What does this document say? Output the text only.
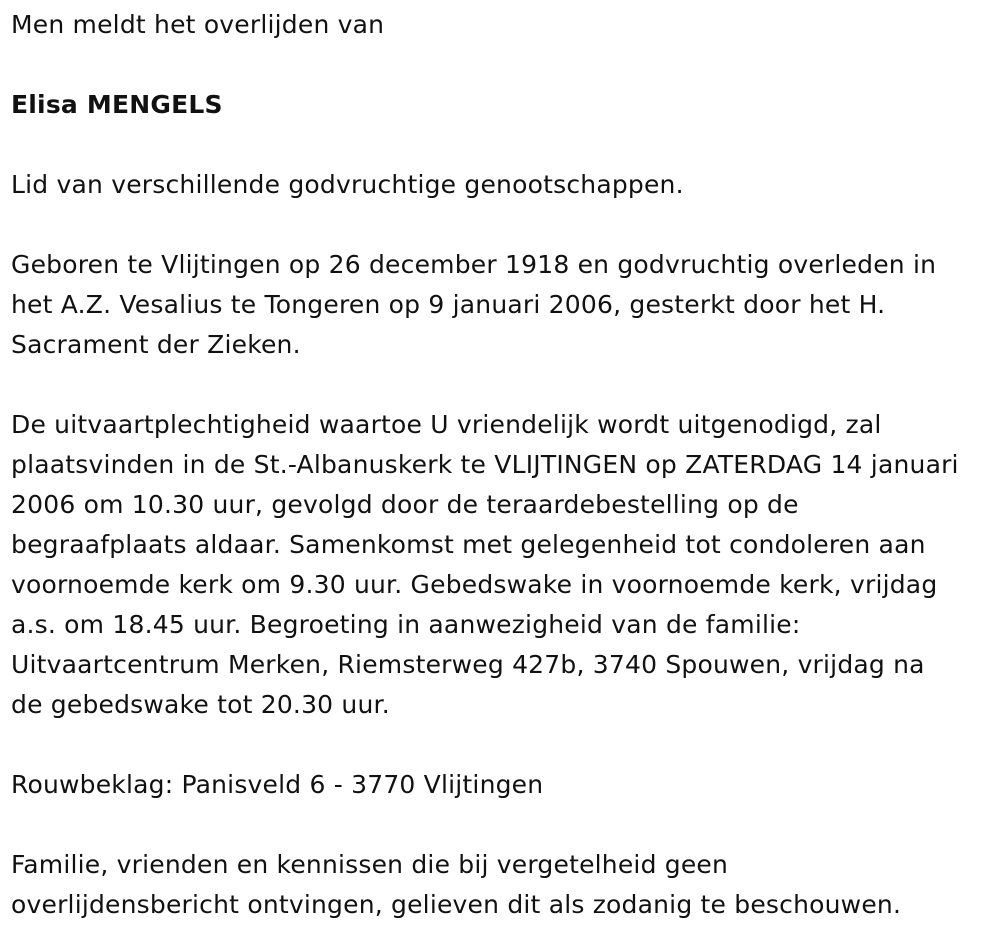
Men meldt het overlijden van

Elisa MENGELS

Lid van verschillende godvruchtige genootschappen.

Geboren te Vlijtingen op 26 december 1918 en godvruchtig overleden in
het A.Z. Vesalius te Tongeren op 9 januari 2006, gesterkt door het H.
Sacrament der Zieken.

De uitvaartplechtigheid waartoe U vriendelijk wordt uitgenodigd, zal
plaatsvinden in de St.-Albanuskerk te VLIJTINGEN op ZATERDAG 14 januari
2006 om 10.30 uur, gevolgd door de teraardebestelling op de
begraafplaats aldaar. Samenkomst met gelegenheid tot condoleren aan
voornoemde kerk om 9.30 uur. Gebedswake in voornoemde kerk, vrijdag
a.s. om 18.45 uur. Begroeting in aanwezigheid van de familie:
Uitvaartcentrum Merken, Riemsterweg 427b, 3740 Spouwen, vrijdag na
de gebedswake tot 20.30 uur.

Rouwbeklag: Panisveld 6 - 3770 Vlijtingen

Familie, vrienden en kennissen die bij vergetelheid geen
overlijdensbericht ontvingen, gelieven dit als zodanig te beschouwen.
